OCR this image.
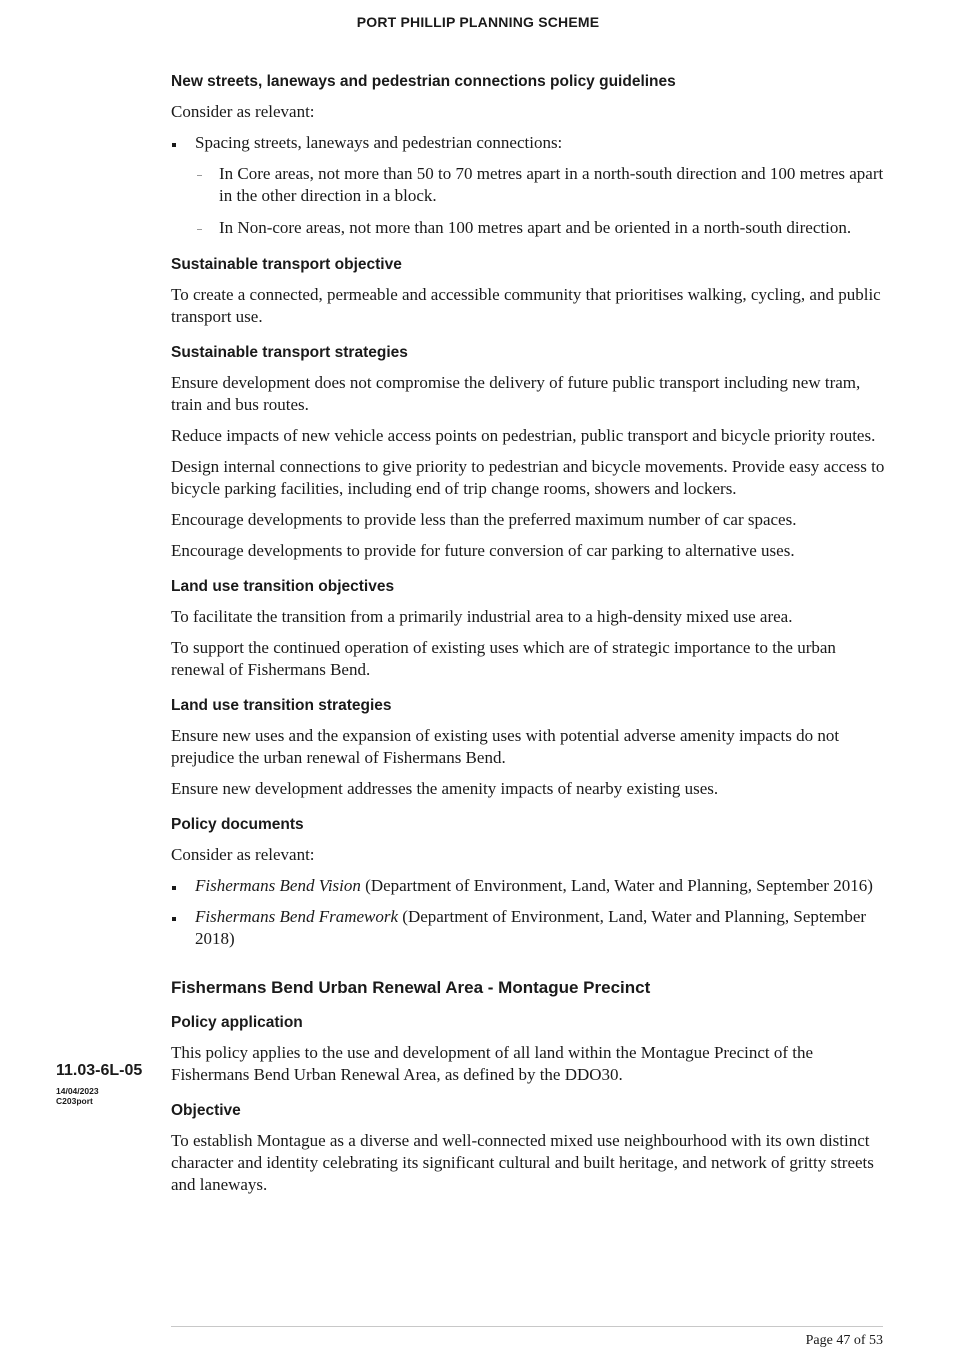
PORT PHILLIP PLANNING SCHEME
11.03-6L-05
14/04/2023
C203port
New streets, laneways and pedestrian connections policy guidelines

Consider as relevant:

Spacing streets, laneways and pedestrian connections:
In Core areas, not more than 50 to 70 metres apart in a north-south direction and 100 metres apart in the other direction in a block.
In Non-core areas, not more than 100 metres apart and be oriented in a north-south direction.
Sustainable transport objective

To create a connected, permeable and accessible community that prioritises walking, cycling, and public transport use.

Sustainable transport strategies

Ensure development does not compromise the delivery of future public transport including new tram, train and bus routes.

Reduce impacts of new vehicle access points on pedestrian, public transport and bicycle priority routes.

Design internal connections to give priority to pedestrian and bicycle movements. Provide easy access to bicycle parking facilities, including end of trip change rooms, showers and lockers.

Encourage developments to provide less than the preferred maximum number of car spaces.

Encourage developments to provide for future conversion of car parking to alternative uses.

Land use transition objectives

To facilitate the transition from a primarily industrial area to a high-density mixed use area.

To support the continued operation of existing uses which are of strategic importance to the urban renewal of Fishermans Bend.

Land use transition strategies

Ensure new uses and the expansion of existing uses with potential adverse amenity impacts do not prejudice the urban renewal of Fishermans Bend.

Ensure new development addresses the amenity impacts of nearby existing uses.

Policy documents

Consider as relevant:

Fishermans Bend Vision (Department of Environment, Land, Water and Planning, September 2016)
Fishermans Bend Framework (Department of Environment, Land, Water and Planning, September 2018)
Fishermans Bend Urban Renewal Area - Montague Precinct
Policy application

This policy applies to the use and development of all land within the Montague Precinct of the Fishermans Bend Urban Renewal Area, as defined by the DDO30.

Objective

To establish Montague as a diverse and well-connected mixed use neighbourhood with its own distinct character and identity celebrating its significant cultural and built heritage, and network of gritty streets and laneways.

Page 47 of 53
